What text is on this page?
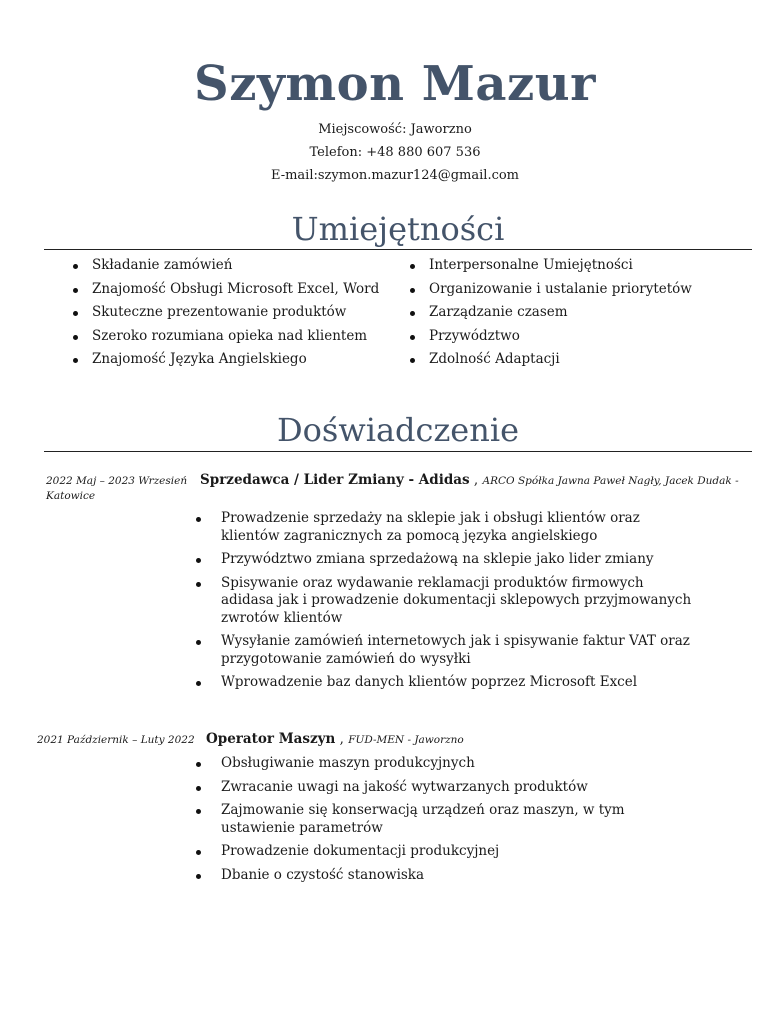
Szymon Mazur
Miejscowość: Jaworzno
Telefon: +48 880 607 536
E-mail:szymon.mazur124@gmail.com
Umiejętności
Składanie zamówień
Znajomość Obsługi Microsoft Excel, Word
Skuteczne prezentowanie produktów
Szeroko rozumiana opieka nad klientem
Znajomość Języka Angielskiego
Interpersonalne Umiejętności
Organizowanie i ustalanie priorytetów
Zarządzanie czasem
Przywództwo
Zdolność Adaptacji
Doświadczenie
2022 Maj – 2023 Wrzesień
Katowice
Sprzedawca / Lider Zmiany - Adidas , ARCO Spółka Jawna Paweł Nagły, Jacek Dudak -
Prowadzenie sprzedaży na sklepie jak i obsługi klientów oraz klientów zagranicznych za pomocą języka angielskiego
Przywództwo zmiana sprzedażową na sklepie jako lider zmiany
Spisywanie oraz wydawanie reklamacji produktów firmowych adidasa jak i prowadzenie dokumentacji sklepowych przyjmowanych zwrotów klientów
Wysyłanie zamówień internetowych jak i spisywanie faktur VAT oraz przygotowanie zamówień do wysyłki
Wprowadzenie baz danych klientów poprzez Microsoft Excel
2021 Październik – Luty 2022 Operator Maszyn , FUD-MEN - Jaworzno
Obsługiwanie maszyn produkcyjnych
Zwracanie uwagi na jakość wytwarzanych produktów
Zajmowanie się konserwacją urządzeń oraz maszyn, w tym ustawienie parametrów
Prowadzenie dokumentacji produkcyjnej
Dbanie o czystość stanowiska
